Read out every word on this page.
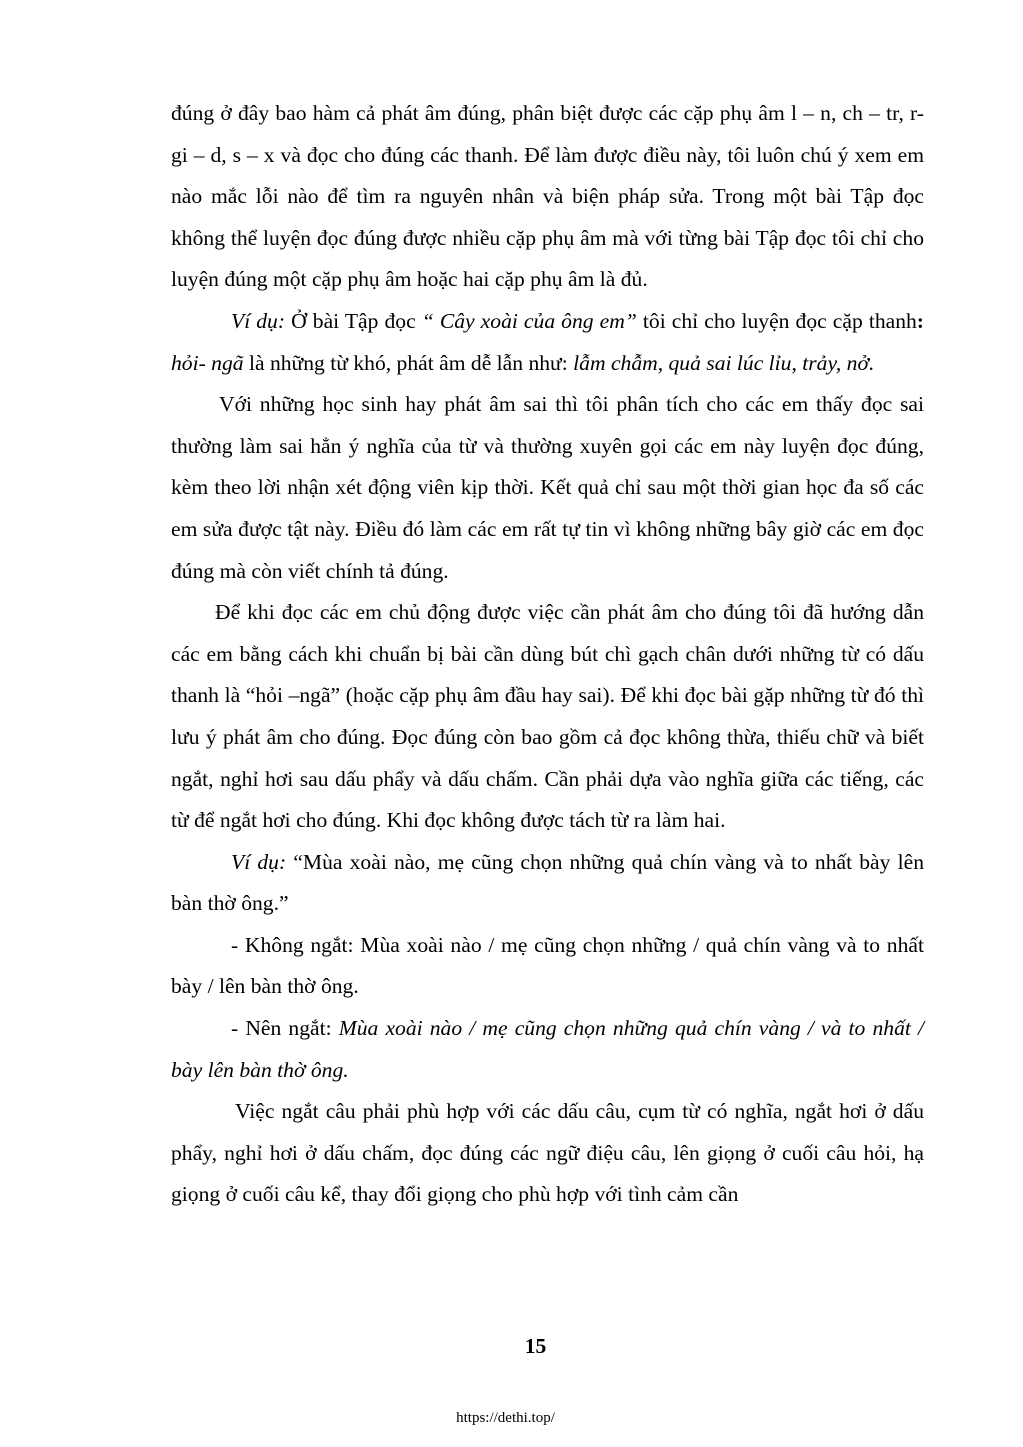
đúng ở đây bao hàm cả phát âm đúng, phân biệt được các cặp phụ âm l – n, ch – tr, r- gi – d, s – x và đọc cho đúng các thanh. Để làm được điều này, tôi luôn chú ý xem em nào mắc lỗi nào để tìm ra nguyên nhân và biện pháp sửa. Trong một bài Tập đọc không thể luyện đọc đúng được nhiều cặp phụ âm mà với từng bài Tập đọc tôi chỉ cho luyện đúng một cặp phụ âm hoặc hai cặp phụ âm là đủ.

Ví dụ: Ở bài Tập đọc “ Cây xoài của ông em” tôi chỉ cho luyện đọc cặp thanh: hỏi- ngã là những từ khó, phát âm dễ lẫn như: lẫm chẫm, quả sai lúc lỉu, trảy, nở.

Với những học sinh hay phát âm sai thì tôi phân tích cho các em thấy đọc sai thường làm sai hẳn ý nghĩa của từ và thường xuyên gọi các em này luyện đọc đúng, kèm theo lời nhận xét động viên kịp thời. Kết quả chỉ sau một thời gian học đa số các em sửa được tật này. Điều đó làm các em rất tự tin vì không những bây giờ các em đọc đúng mà còn viết chính tả đúng.

Để khi đọc các em chủ động được việc cần phát âm cho đúng tôi đã hướng dẫn các em bằng cách khi chuẩn bị bài cần dùng bút chì gạch chân dưới những từ có dấu thanh là “hỏi –ngã” (hoặc cặp phụ âm đầu hay sai). Để khi đọc bài gặp những từ đó thì lưu ý phát âm cho đúng. Đọc đúng còn bao gồm cả đọc không thừa, thiếu chữ và biết ngắt, nghỉ hơi sau dấu phẩy và dấu chấm. Cần phải dựa vào nghĩa giữa các tiếng, các từ để ngắt hơi cho đúng. Khi đọc không được tách từ ra làm hai.

Ví dụ: “Mùa xoài nào, mẹ cũng chọn những quả chín vàng và to nhất bày lên bàn thờ ông.”

- Không ngắt: Mùa xoài nào / mẹ cũng chọn những / quả chín vàng và to nhất bày / lên bàn thờ ông.

- Nên ngắt: Mùa xoài nào / mẹ cũng chọn những quả chín vàng / và to nhất / bày lên bàn thờ ông.

Việc ngắt câu phải phù hợp với các dấu câu, cụm từ có nghĩa, ngắt hơi ở dấu phẩy, nghỉ hơi ở dấu chấm, đọc đúng các ngữ điệu câu, lên giọng ở cuối câu hỏi, hạ giọng ở cuối câu kể, thay đổi giọng cho phù hợp với tình cảm cần

15
https://dethi.top/
